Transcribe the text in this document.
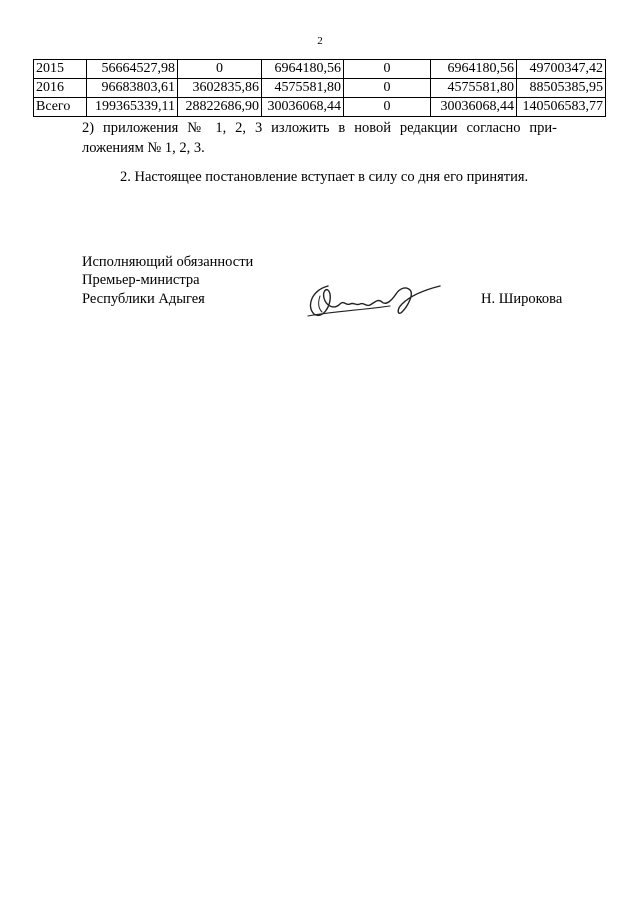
2
2015	56664527,98	0	6964180,56	0	6964180,56	49700347,42
2016	96683803,61	3602835,86	4575581,80	0	4575581,80	88505385,95
Всего	199365339,11	28822686,90	30036068,44	0	30036068,44	140506583,77
2) приложения № 1, 2, 3 изложить в новой редакции согласно при-
ложениям № 1, 2, 3.
2. Настоящее постановление вступает в силу со дня его принятия.
Исполняющий обязанности
Премьер-министра
Республики Адыгея	Н. Широкова
